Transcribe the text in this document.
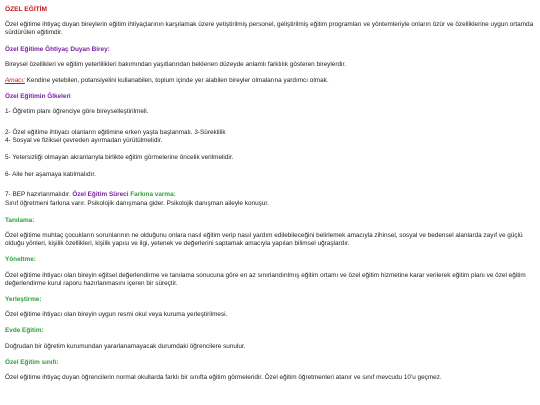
ÖZEL EĞİTİM

Özel eğitime ihtiyaç duyan bireylerin eğitim ihtiyaçlarının karşılamak üzere yetiştirilmiş personel, geliştirilmiş eğitim programları ve yöntemleriyle onların özür ve özelliklerine uygun ortamda sürdürülen eğitimdir.

Özel Eğitime Ğhtiyaç Duyan Birey:

Bireysel özellikleri ve eğitim yeterlilikleri bakımından yaşıtlarından beklenen düzeyde anlamlı farklılık gösteren bireylerdir.

Amacı: Kendine yetebilen, potansiyelini kullanabilen, toplum içinde yer alabilen bireyler olmalarına yardımcı olmak.

Özel Eğitimin Ğlkeleri

1- Öğretim planı öğrenciye göre bireyselleştirilmeli.

2- Özel eğitime ihtiyacı olanların eğitimine erken yaşta başlanmalı. 3-Süreklilik

4- Sosyal ve fiziksel çevreden ayırmadan yürütülmelidir.

5- Yetersizliği olmayan akranlarıyla birlikte eğitim görmelerine öncelik verilmelidir.

6- Aile her aşamaya katılmalıdır.

7- BEP hazırlanmalıdır. Özel Eğitim Süreci Farkına varma:

Sınıf öğretmeni farkına varır. Psikolojik danışmana gider. Psikolojik danışman aileyle konuşur.

Tanılama:

Özel eğitime muhtaç çocukların sorunlarının ne olduğunu onlara nasıl eğitim verip nasıl yardım edilebileceğini belirlemek amacıyla zihinsel, sosyal ve bedensel alanlarda zayıf ve güçlü olduğu yönleri, kişilik özellikleri, kişilik yapısı ve ilgi, yetenek ve değerlerini saptamak amacıyla yapılan bilimsel uğraşlardır.

Yöneltme:

Özel eğitime ihtiyacı olan bireyin eğitsel değerlendirme ve tanılama sonucuna göre en az sınırlandırılmış eğitim ortamı ve özel eğitim hizmetine karar verilerek eğitim planı ve özel eğitim değerlendirme kurul raporu hazırlanmasını içeren bir süreçtir.

Yerleştirme:

Özel eğitime ihtiyacı olan bireyin uygun resmi okul veya kuruma yerleştirilmesi.

Evde Eğitim:

Doğrudan bir öğretim kurumundan yararlanamayacak durumdaki öğrencilere sunulur.

Özel Eğitim sınıfı:

Özel eğitime ihtiyaç duyan öğrencilerin normal okullarda farklı bir sınıfta eğitim görmeleridir. Özel eğitim öğretmenleri atanır ve sınıf mevcudu 10'u geçmez.
